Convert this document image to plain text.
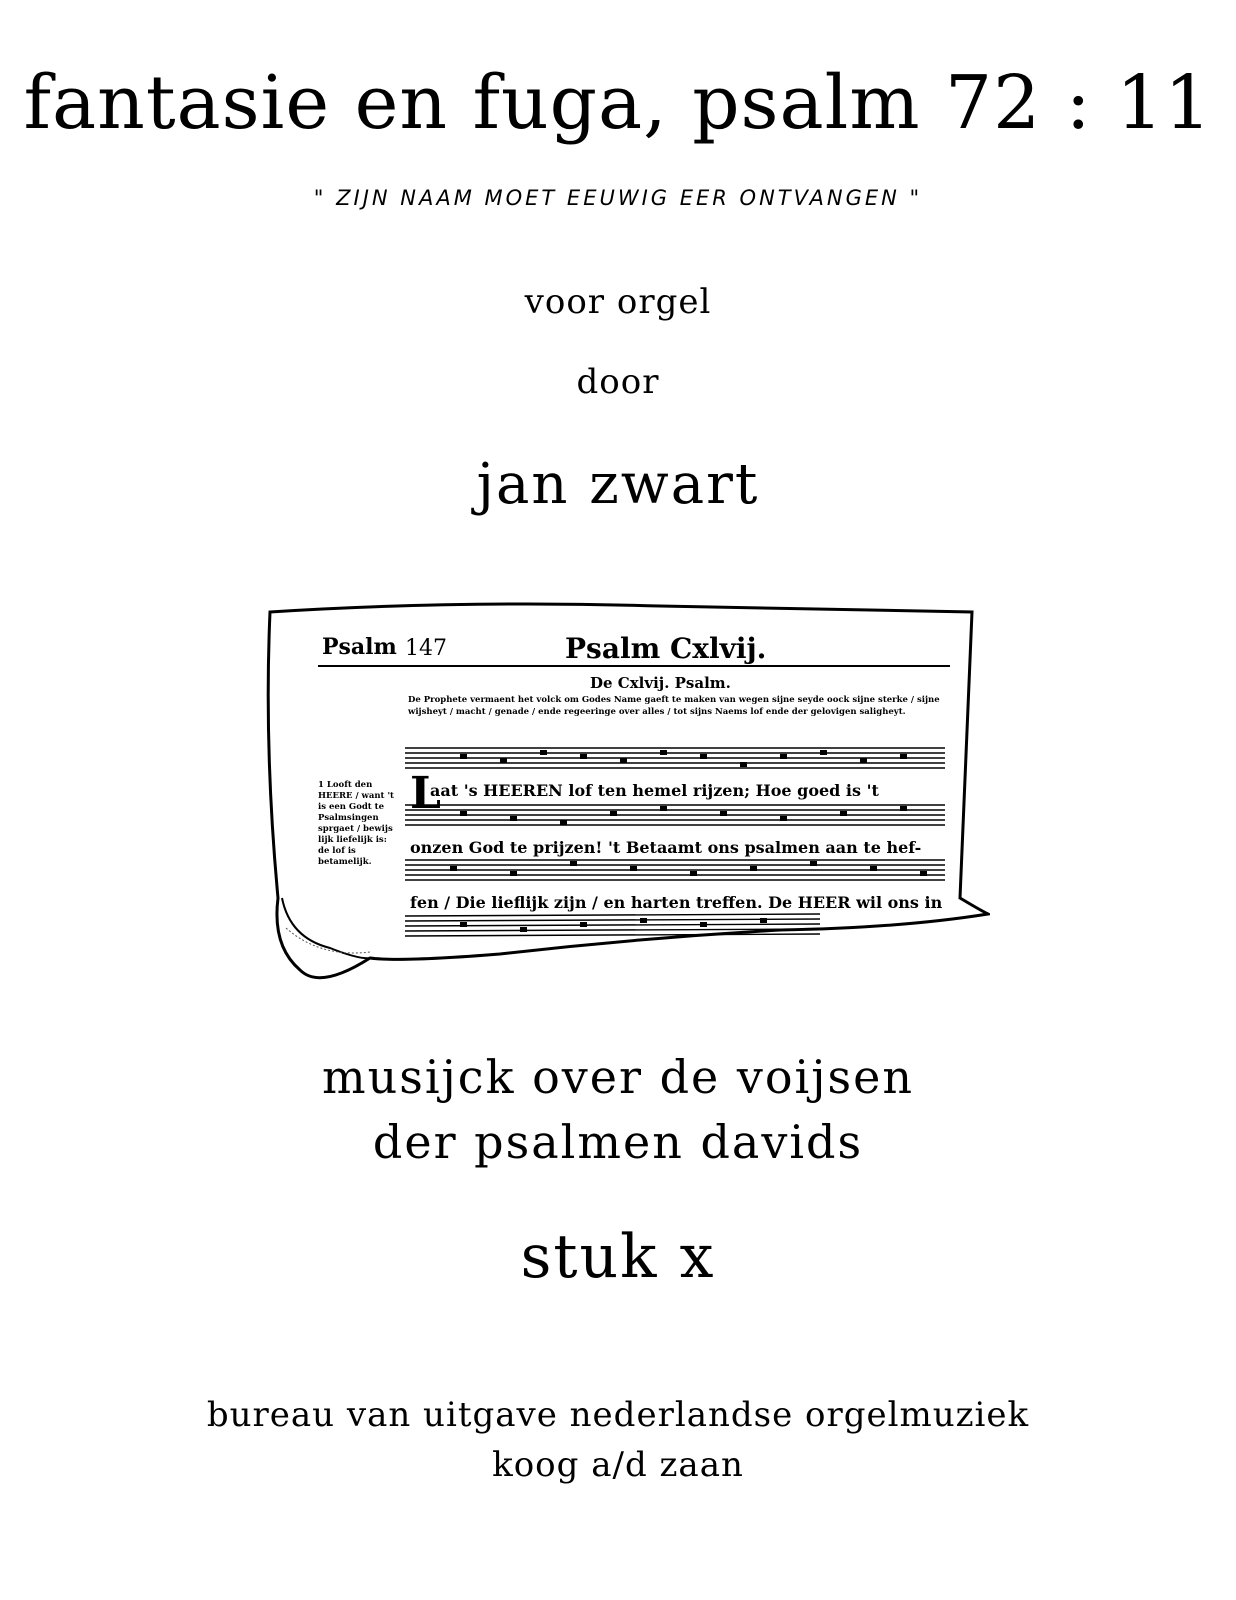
fantasie en fuga, psalm 72 : 11
" ZIJN NAAM MOET EEUWIG EER ONTVANGEN "
voor orgel
door
jan zwart
Psalm 147	Psalm Cxlvij.
De Cxlvij. Psalm.
De Prophete vermaent het volck om Godes Name gaeft te maken van wegen sijne seyde oock sijne sterke / sijne wijsheyt / macht / genade / ende regeeringe over alles / tot sijns Naems lof ende der gelovigen saligheyt.
1 Looft den HEERE / want 't is een Godt te Psalmsingen sprgaet / bewijs lijk liefelijk is: de lof is betamelijk.
L
aat 's HEEREN lof ten hemel rijzen; Hoe goed is 't
onzen God te prijzen! 't Betaamt ons psalmen aan te hef-
fen / Die lieflijk zijn / en harten treffen. De HEER wil ons in
musijck over de voijsen
der psalmen davids
stuk x
bureau van uitgave nederlandse orgelmuziek
koog a/d zaan
